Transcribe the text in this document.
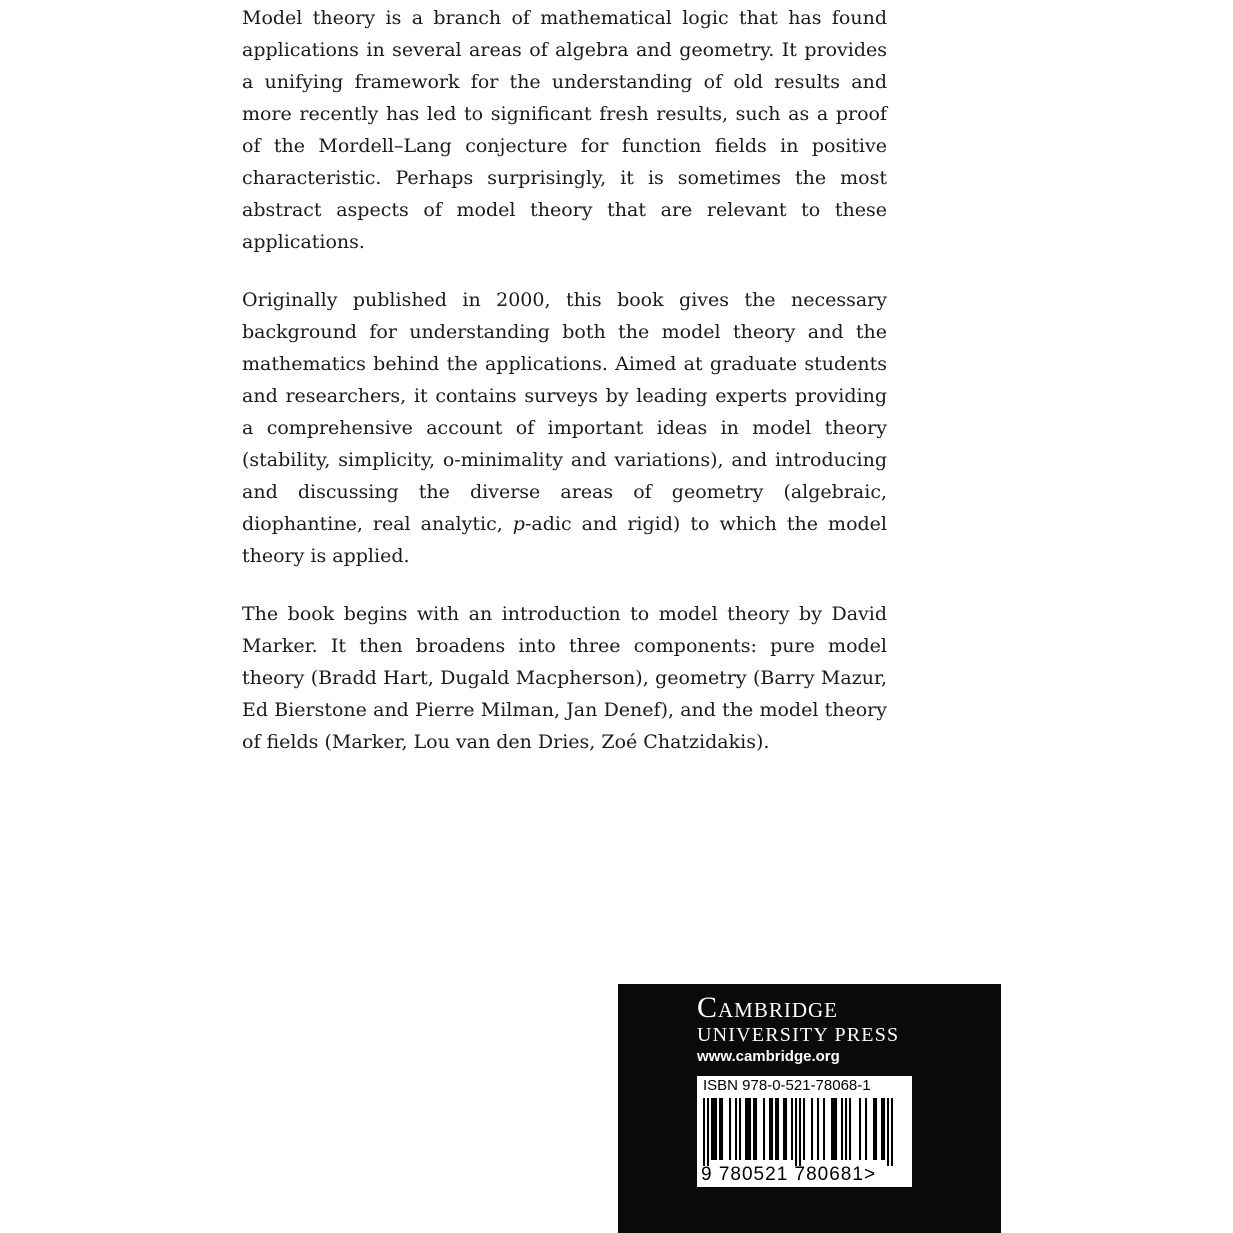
Model theory is a branch of mathematical logic that has found applications in several areas of algebra and geometry. It provides a unifying framework for the understanding of old results and more recently has led to significant fresh results, such as a proof of the Mordell–Lang conjecture for function fields in positive characteristic. Perhaps surprisingly, it is sometimes the most abstract aspects of model theory that are relevant to these applications.

Originally published in 2000, this book gives the necessary background for understanding both the model theory and the mathematics behind the applications. Aimed at graduate students and researchers, it contains surveys by leading experts providing a comprehensive account of important ideas in model theory (stability, simplicity, o-minimality and variations), and introducing and discussing the diverse areas of geometry (algebraic, diophantine, real analytic, p-adic and rigid) to which the model theory is applied.

The book begins with an introduction to model theory by David Marker. It then broadens into three components: pure model theory (Bradd Hart, Dugald Macpherson), geometry (Barry Mazur, Ed Bierstone and Pierre Milman, Jan Denef), and the model theory of fields (Marker, Lou van den Dries, Zoé Chatzidakis).

Cambridge
UNIVERSITY PRESS
www.cambridge.org
ISBN 978-0-521-78068-1
9 780521 780681>
